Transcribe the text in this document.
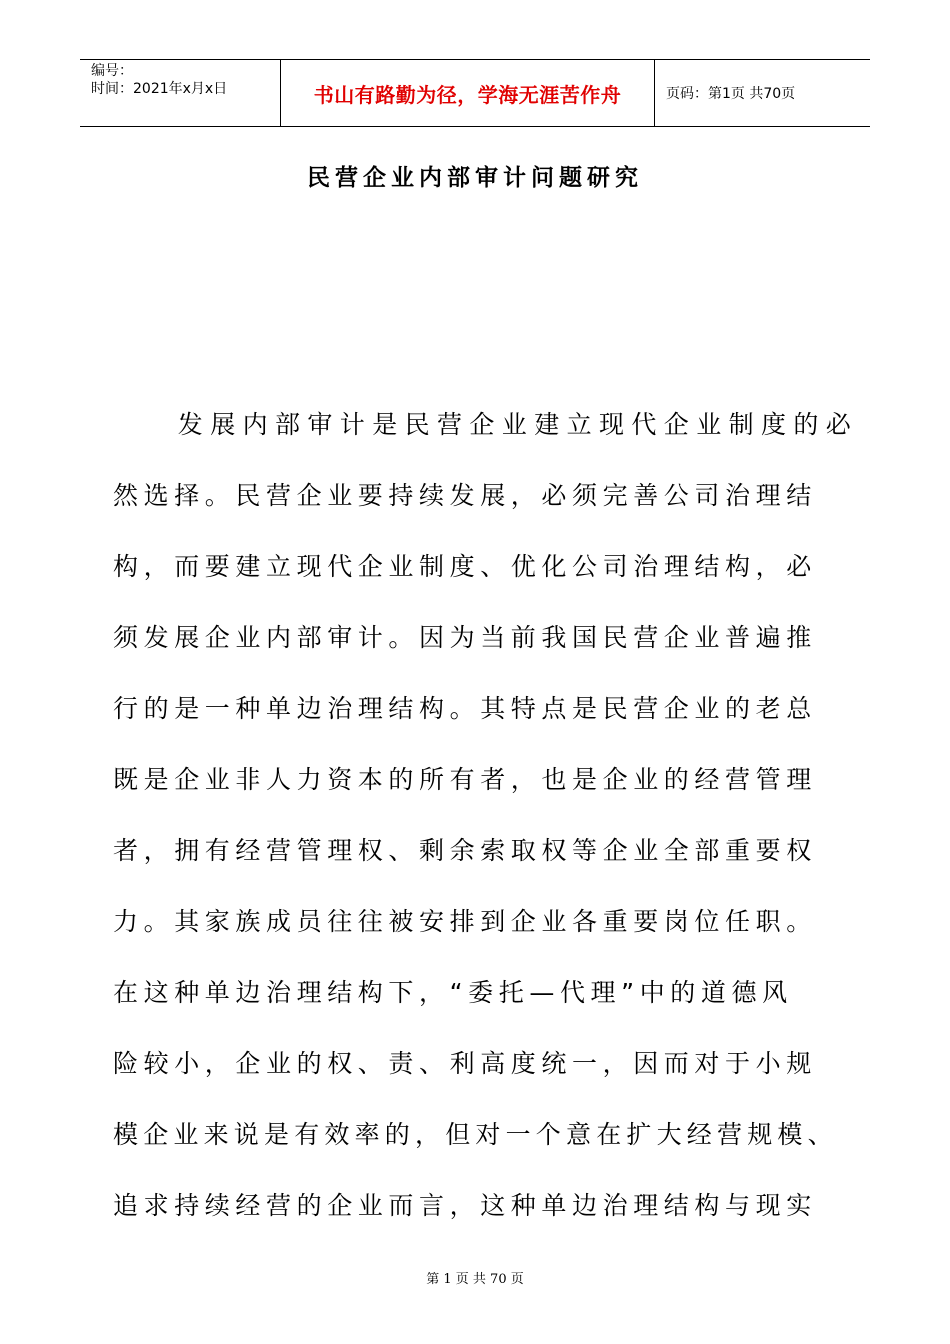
编号：
时间：2021年x月x日	书山有路勤为径，学海无涯苦作舟	页码：第1页 共70页
民营企业内部审计问题研究
　　发展内部审计是民营企业建立现代企业制度的必
然选择。民营企业要持续发展，必须完善公司治理结
构，而要建立现代企业制度、优化公司治理结构，必
须发展企业内部审计。因为当前我国民营企业普遍推
行的是一种单边治理结构。其特点是民营企业的老总
既是企业非人力资本的所有者，也是企业的经营管理
者，拥有经营管理权、剩余索取权等企业全部重要权
力。其家族成员往往被安排到企业各重要岗位任职。
在这种单边治理结构下，“委托—代理”中的道德风
险较小，企业的权、责、利高度统一，因而对于小规
模企业来说是有效率的，但对一个意在扩大经营规模、
追求持续经营的企业而言，这种单边治理结构与现实
第 1 页 共 70 页
